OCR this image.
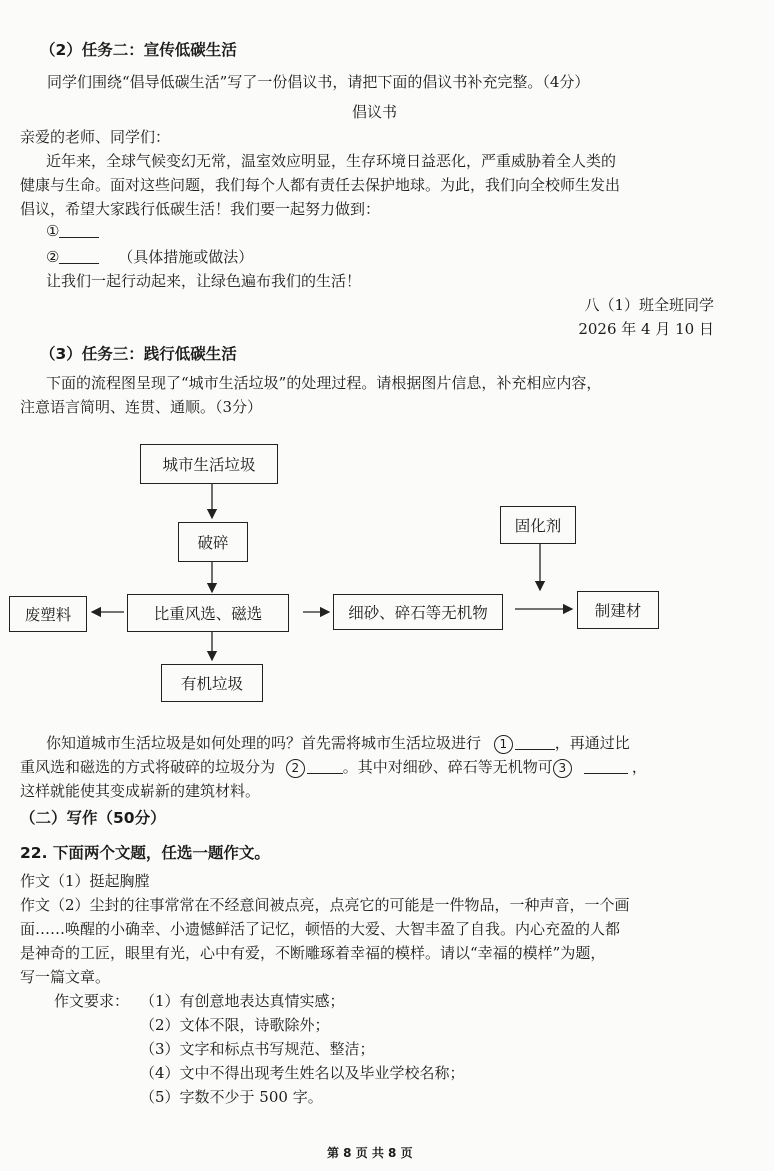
（2）任务二：宣传低碳生活
同学们围绕“倡导低碳生活”写了一份倡议书，请把下面的倡议书补充完整。（4分）
倡议书
亲爱的老师、同学们：
近年来，全球气候变幻无常，温室效应明显，生存环境日益恶化，严重威胁着全人类的
健康与生命。面对这些问题，我们每个人都有责任去保护地球。为此，我们向全校师生发出
倡议，希望大家践行低碳生活！我们要一起努力做到：
①
②	（具体措施或做法）
让我们一起行动起来，让绿色遍布我们的生活！
八（1）班全班同学
2026 年 4 月 10 日
（3）任务三：践行低碳生活
下面的流程图呈现了“城市生活垃圾”的处理过程。请根据图片信息，补充相应内容，
注意语言简明、连贯、通顺。（3分）
城市生活垃圾
破碎
比重风选、磁选
废塑料
有机垃圾
细砂、碎石等无机物
固化剂
制建材
你知道城市生活垃圾是如何处理的吗？首先需将城市生活垃圾进行 1	，再通过比
重风选和磁选的方式将破碎的垃圾分为 2	。其中对细砂、碎石等无机物可 3	，
这样就能使其变成崭新的建筑材料。
（二）写作（50分）
22. 下面两个文题，任选一题作文。
作文（1）挺起胸膛
作文（2）尘封的往事常常在不经意间被点亮，点亮它的可能是一件物品，一种声音，一个画
面……唤醒的小确幸、小遗憾鲜活了记忆，顿悟的大爱、大智丰盈了自我。内心充盈的人都
是神奇的工匠，眼里有光，心中有爱，不断雕琢着幸福的模样。请以“幸福的模样”为题，
写一篇文章。
作文要求： （1）有创意地表达真情实感；
（2）文体不限，诗歌除外；
（3）文字和标点书写规范、整洁；
（4）文中不得出现考生姓名以及毕业学校名称；
（5）字数不少于 500 字。
第 8 页 共 8 页
